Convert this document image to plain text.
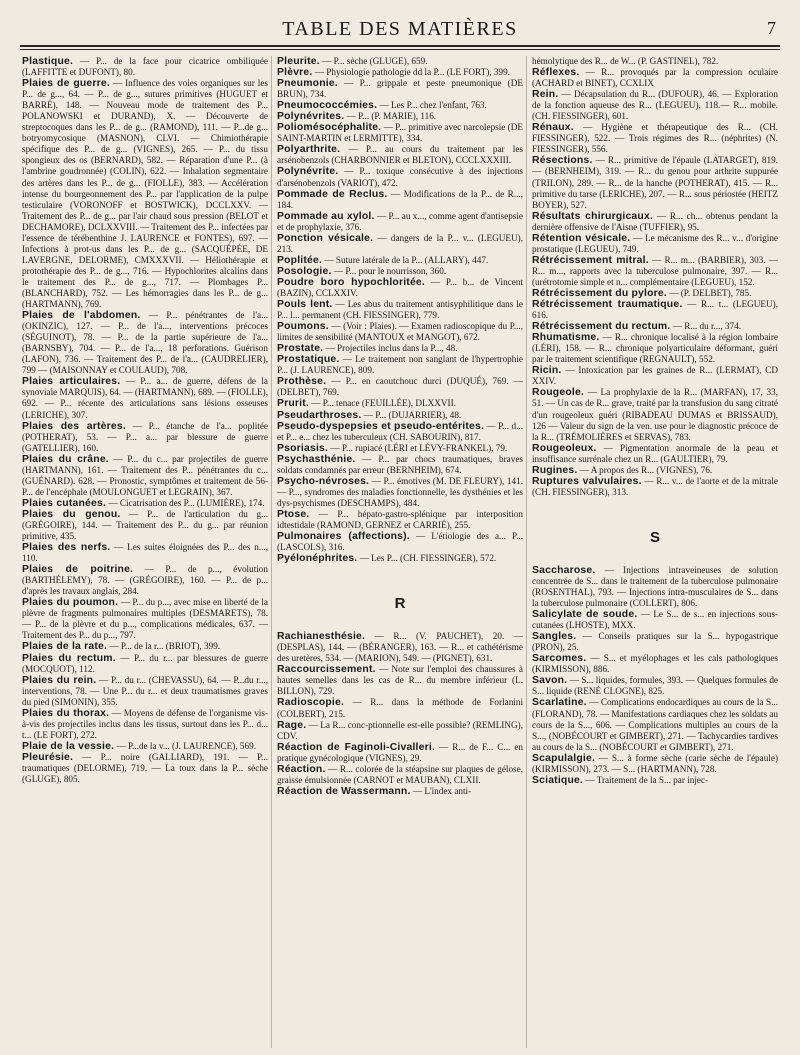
TABLE DES MATIÈRES	7
Plastique. — P... de la face pour cicatrice ombiliquée (LAFFITTE et DUFONT), 80.
Plaies de guerre. — Influence des voies organiques sur les P... de g..., 64. — P... de g..., sutures primitives (HUGUET et BARRÉ), 148. — Nouveau mode de traitement des P... POLANOWSKI et DURAND), X. — Découverte de streptocoques dans les P... de g... (RAMOND), 111. — P...de g... botryomycosique (MASNON), CLVI. — Chimiothérapie spécifique des P... de g... (VIGNES), 265. — P... du tissu spongieux des os (BERNARD), 582. — Réparation d'une P... (à l'ambrine goudronnée) (COLIN), 622. — Inhalation segmentaire des artères dans les P... de g... (FIOLLE), 383. — Accélération intense du bourgeonnement des P... par l'application de la pulpe testiculaire (VORONOFF et BOSTWICK), DCCLXXV. — Traitement des P... de g... par l'air chaud sous pression (BELOT et DECHAMORE), DCLXXVIII. — Traitement des P... infectées par l'essence de térébenthine J. LAURENCE et FONTES), 697. — Infections à prot-us dans les P... de g... (SACQUÉPÉE, DE LAVERGNE, DELORME), CMXXXVII. — Héliothérapie et protothérapie des P... de g..., 716. — Hypochlorites alcalins dans le traitement des P... de g..., 717. — Plombages P... (BLANCHARD), 752. — Les hémorragies dans les P... de g... (HARTMANN), 769.
Plaies de l'abdomen. — P... pénétrantes de l'a... (OKINZIC), 127. — P... de l'a..., interventions précoces (SÉGUINOT), 78. — P... de la partie supérieure de l'a... (BARNSBY), 704. — P... de l'a..., 18 perforations. Guérison (LAFON), 736. — Traitement des P... de l'a... (CAUDRELIER), 799 — (MAISONNAY et COULAUD), 708.
Plaies articulaires. — P... a... de guerre, défens de la synoviale MARQUIS), 64. — (HARTMANN), 689. — (FIOLLE), 692. — P... récente des articulations sans lésions osseuses (LERICHE), 307.
Plaies des artères. — P... étanche de l'a... poplitée (POTHERAT), 53. — P... a... par blessure de guerre (GATELLIER), 160.
Plaies du crâne. — P... du c... par projectiles de guerre (HARTMANN), 161. — Traitement des P... pénétrantes du c... (GUÉNARD). 628. — Pronostic, symptômes et traitement de 56-P... de l'encéphale (MOULONGUET et LEGRAIN), 367.
Plaies cutanées. — Cicatrisation des P... (LUMIÈRE), 174.
Plaies du genou. — P... de l'articulation du g... (GRÉGOIRE), 144. — Traitement des P... du g... par réunion primitive, 435.
Plaies des nerfs. — Les suites éloignées des P... des n..., 110.
Plaies de poitrine. — P... de p..., évolution (BARTHÉLEMY), 78. — (GRÉGOIRE), 160. — P... de p... d'après les travaux anglais, 284.
Plaies du poumon. — P... du p..., avec mise en liberté de la plèvre de fragments pulmonaires multiples (DESMARETS), 78. — P... de la plèvre et du p..., complications médicales, 637. — Traitement des P... du p..., 797.
Plaies de la rate. — P... de la r... (BRIOT), 399.
Plaies du rectum. — P... du r... par blessures de guerre (MOCQUOT), 112.
Plaies du rein. — P... du r... (CHEVASSU), 64. — P...du r..., interventions, 78. — Une P... du r... et deux traumatismes graves du pied (SIMONIN), 355.
Plaies du thorax. — Moyens de défense de l'organisme vis-à-vis des projectiles inclus dans les tissus, surtout dans les P... d... t... (LE FORT), 272.
Plaie de la vessie. — P...de la v... (J. LAURENCE), 569.
Pleurésie. — P... noire (GALLIARD), 191. — P... traumatiques (DELORME), 719. — La toux dans la P... sèche (GLUGE), 805.
Pleurite. — P... sèche (GLUGE), 659.
Plèvre. — Physiologie pathologie dd la P... (LE FORT), 399.
Pneumonie. — P... grippale et peste pneumonique (DE BRUN), 734.
Pneumococcémies. — Les P... chez l'enfant, 763.
Polynévrites. — P... (P. MARIE), 116.
Poliomésocéphalite. — P... primitive avec narcolepsie (DE SAINT-MARTIN et LERMITTE), 334.
Polyarthrite. — P... au cours du traitement par les arsénobenzols (CHARBONNIER et BLETON), CCCLXXXIII.
Polynévrite. — P... toxique consécutive à des injections d'arsénobenzols (VARIOT), 472.
Pommade de Reclus. — Modifications de la P... de R..., 184.
Pommade au xylol. — P... au x..., comme agent d'antisepsie et de prophylaxie, 376.
Ponction vésicale. — dangers de la P... v... (LEGUEU), 213.
Poplitée. — Suture latérale de la P... (ALLARY), 447.
Posologie. — P... pour le nourrisson, 360.
Poudre boro hypochloritée. — P... b... de Vincent (BAZIN), CCLXXIV.
Pouls lent. — Les abus du traitement antisyphilitique dans le P... l... permanent (CH. FIESSINGER), 779.
Poumons. — (Voir : Plaies). — Examen radioscopique du P..., limites de sensibilité (MANTOUX et MANGOT), 672.
Prostate. — Projectiles inclus dans la P..., 48.
Prostatique. — Le traitement non sanglant de l'hypertrophie P... (J. LAURENCE), 809.
Prothèse. — P... en caoutchouc durci (DUQUÉ), 769. — (DELBET), 769.
Prurit. — P... tenace (FEUILLÉE), DLXXVII.
Pseudarthroses. — P... (DUJARRIER), 48.
Pseudo-dyspepsies et pseudo-entérites. — P... d... et P... e... chez les tuberculeux (CH. SABOURIN), 817.
Psoriasis. — P... rupiacé (LÉRI et LÉVY-FRANKEL), 79.
Psychasthénie. — P... par chocs traumatiques, braves soldats condamnés par erreur (BERNHEIM), 674.
Psycho-névroses. — P... émotives (M. DE FLEURY), 141. — P..., syndromes des maladies fonctionnelle, les dysthénies et les dys-psychismes (DESCHAMPS), 484.
Ptose. — P... hépato-gastro-splénique par interposition idtestidale (RAMOND, GERNEZ et CARRIÉ), 255.
Pulmonaires (affections). — L'étiologie des a... P... (LASCOLS), 316.
Pyélonéphrites. — Les P... (CH. FIESSINGER), 572.
R
Rachianesthésie. — R... (V. PAUCHET), 20. — (DESPLAS), 144. — (BÉRANGER), 163. — R... et cathétérisme des uretères, 534. — (MARION), 549. — (PIGNET), 631.
Raccourcissement. — Note sur l'emploi des chaussures à hautes semelles dans les cas de R... du membre inférieur (L. BILLON), 729.
Radioscopie. — R... dans la méthode de Forlanini (COLBERT), 215.
Rage. — La R... conc-ptionnelle est-elle possible? (REMLING), CDV.
Réaction de Faginoli-Civalleri. — R... de F... C... en pratique gynécologique (VIGNES), 29.
Réaction. — R... colorée de la stéapsine sur plaques de gélose, graisse émulsionnée (CARNOT et MAUBAN), CLXII.
Réaction de Wassermann. — L'index anti-
hémolytique des R... de W... (P. GASTINEL), 782.
Réflexes. — R... provoqués par la compression oculaire (ACHARD et BINET), CCXLIX
Rein. — Décapsulation du R... (DUFOUR), 46. — Exploration de la fonction aqueuse des R... (LEGUEU), 118.— R... mobile. (CH. FIESSINGER), 601.
Rénaux. — Hygiène et thérapeutique des R... (CH. FIESSINGER), 522. — Trois régimes des R... (néphrites) (N. FIESSINGER), 556.
Résections. — R... primitive de l'épaule (LATARGET), 819. — (BERNHEIM), 319. — R... du genou pour arthrite suppurée (TRILON), 289. — R... de la hanche (POTHERAT), 415. — R... primitive du tarse (LERICHE), 207. — R... sous périostée (HEITZ BOYER), 527.
Résultats chirurgicaux. — R... ch... obtenus pendant la dernière offensive de l'Aisne (TUFFIER), 95.
Rétention vésicale. — Le mécanisme des R... v... d'origine prostatique (LEGUEU), 749.
Rétrécissement mitral. — R... m... (BARBIER), 303. — R... m..., rapports avec la tuberculose pulmonaire, 397. — R... (urétrotomie simple et n... complémentaire (LEGUEU), 152.
Rétrécissement du pylore. — (P. DELBET), 785.
Rétrécissement traumatique. — R... t... (LEGUEU), 616.
Rétrécissement du rectum. — R... du r..., 374.
Rhumatisme. — R... chronique localisé à la région lombaire (LÉRI), 158. — R... chronique polyarticulaire déformant, guéri par le traitement scientifique (REGNAULT), 552.
Ricin. — Intoxication par les graines de R... (LERMAT), CD XXIV.
Rougeole. — La prophylaxie de la R... (MARFAN), 17, 33, 51. — Un cas de R... grave, traité par la transfusion du sang citraté d'un rougeoleux guéri (RIBADEAU DUMAS et BRISSAUD), 126 — Valeur du sign de la ven. use pour le diagnostic précoce de la R... (TRÉMOLIÈRES et SERVAS), 783.
Rougeoleux. — Pigmentation anormale de la peau et insuffisance surrénale chez un R... (GAULTIER), 79.
Rugines. — A propos des R... (VIGNES), 76.
Ruptures valvulaires. — R... v... de l'aorte et de la mitrale (CH. FIESSINGER), 313.
S
Saccharose. — Injections intraveineuses de solution concentrée de S... dans le traitement de la tuberculose pulmonaire (ROSENTHAL), 793. — Injections intra-musculaires de S... dans la tuberculose pulmonaire (COLLERT), 806.
Salicylate de soude. — Le S... de s... en injections sous-cutanées (LHOSTE), MXX.
Sangles. — Conseils pratiques sur la S... hypogastrique (PRON), 25.
Sarcomes. — S... et myélophages et les cals pathologiques (KIRMISSON), 886.
Savon. — S... liquides, formules, 393. — Quelques formules de S... liquide (RENÉ CLOGNE), 825.
Scarlatine. — Complications endocardiques au cours de la S... (FLORAND), 78. — Manifestations cardiaques chez les soldats au cours de la S..., 606. — Complications multiples au cours de la S..., (NOBÉCOURT et GIMBERT), 271. — Tachycardies tardives au cours de la S... (NOBÉCOURT et GIMBERT), 271.
Scapulalgie. — S... à forme sèche (carie sèche de l'épaule) (KIRMISSON), 273. — S... (HARTMANN), 728.
Sciatique. — Traitement de la S... par injec-
